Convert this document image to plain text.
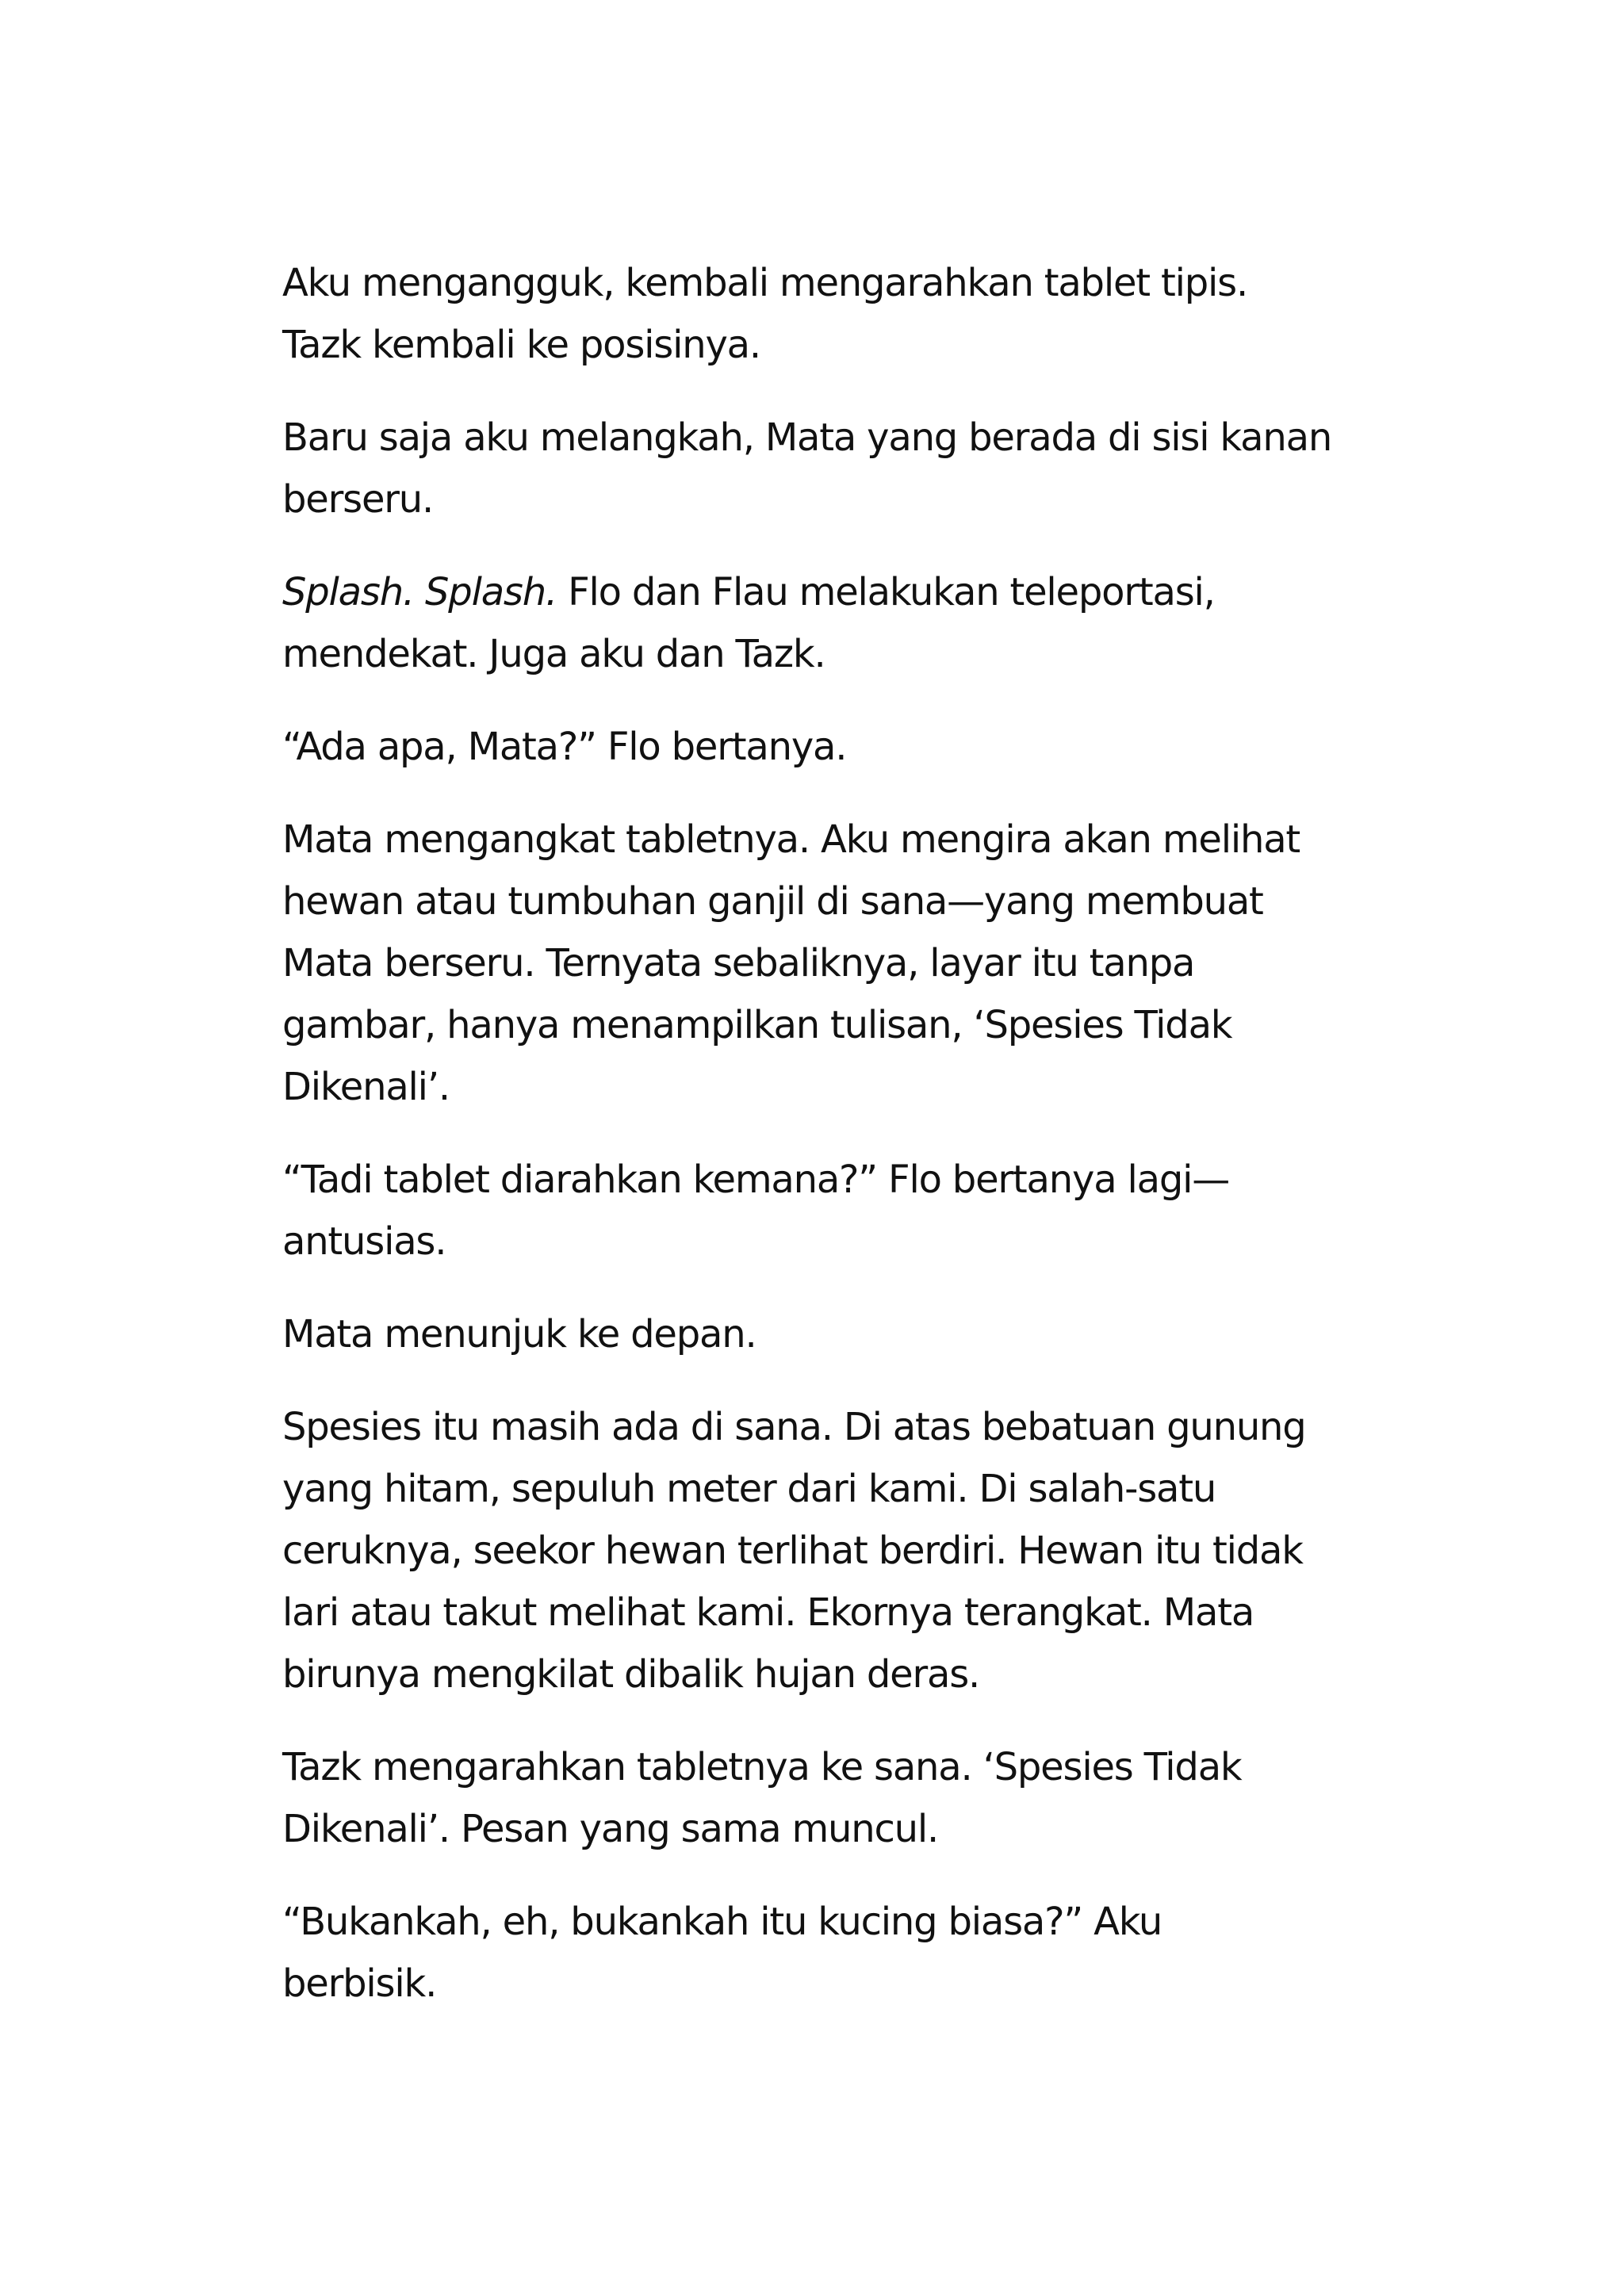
Aku mengangguk, kembali mengarahkan tablet tipis.
Tazk kembali ke posisinya.

Baru saja aku melangkah, Mata yang berada di sisi kanan
berseru.

Splash. Splash. Flo dan Flau melakukan teleportasi,
mendekat. Juga aku dan Tazk.

“Ada apa, Mata?” Flo bertanya.

Mata mengangkat tabletnya. Aku mengira akan melihat
hewan atau tumbuhan ganjil di sana—yang membuat
Mata berseru. Ternyata sebaliknya, layar itu tanpa
gambar, hanya menampilkan tulisan, ‘Spesies Tidak
Dikenali’.

“Tadi tablet diarahkan kemana?” Flo bertanya lagi—
antusias.

Mata menunjuk ke depan.

Spesies itu masih ada di sana. Di atas bebatuan gunung
yang hitam, sepuluh meter dari kami. Di salah-satu
ceruknya, seekor hewan terlihat berdiri. Hewan itu tidak
lari atau takut melihat kami. Ekornya terangkat. Mata
birunya mengkilat dibalik hujan deras.

Tazk mengarahkan tabletnya ke sana. ‘Spesies Tidak
Dikenali’. Pesan yang sama muncul.

“Bukankah, eh, bukankah itu kucing biasa?” Aku
berbisik.
